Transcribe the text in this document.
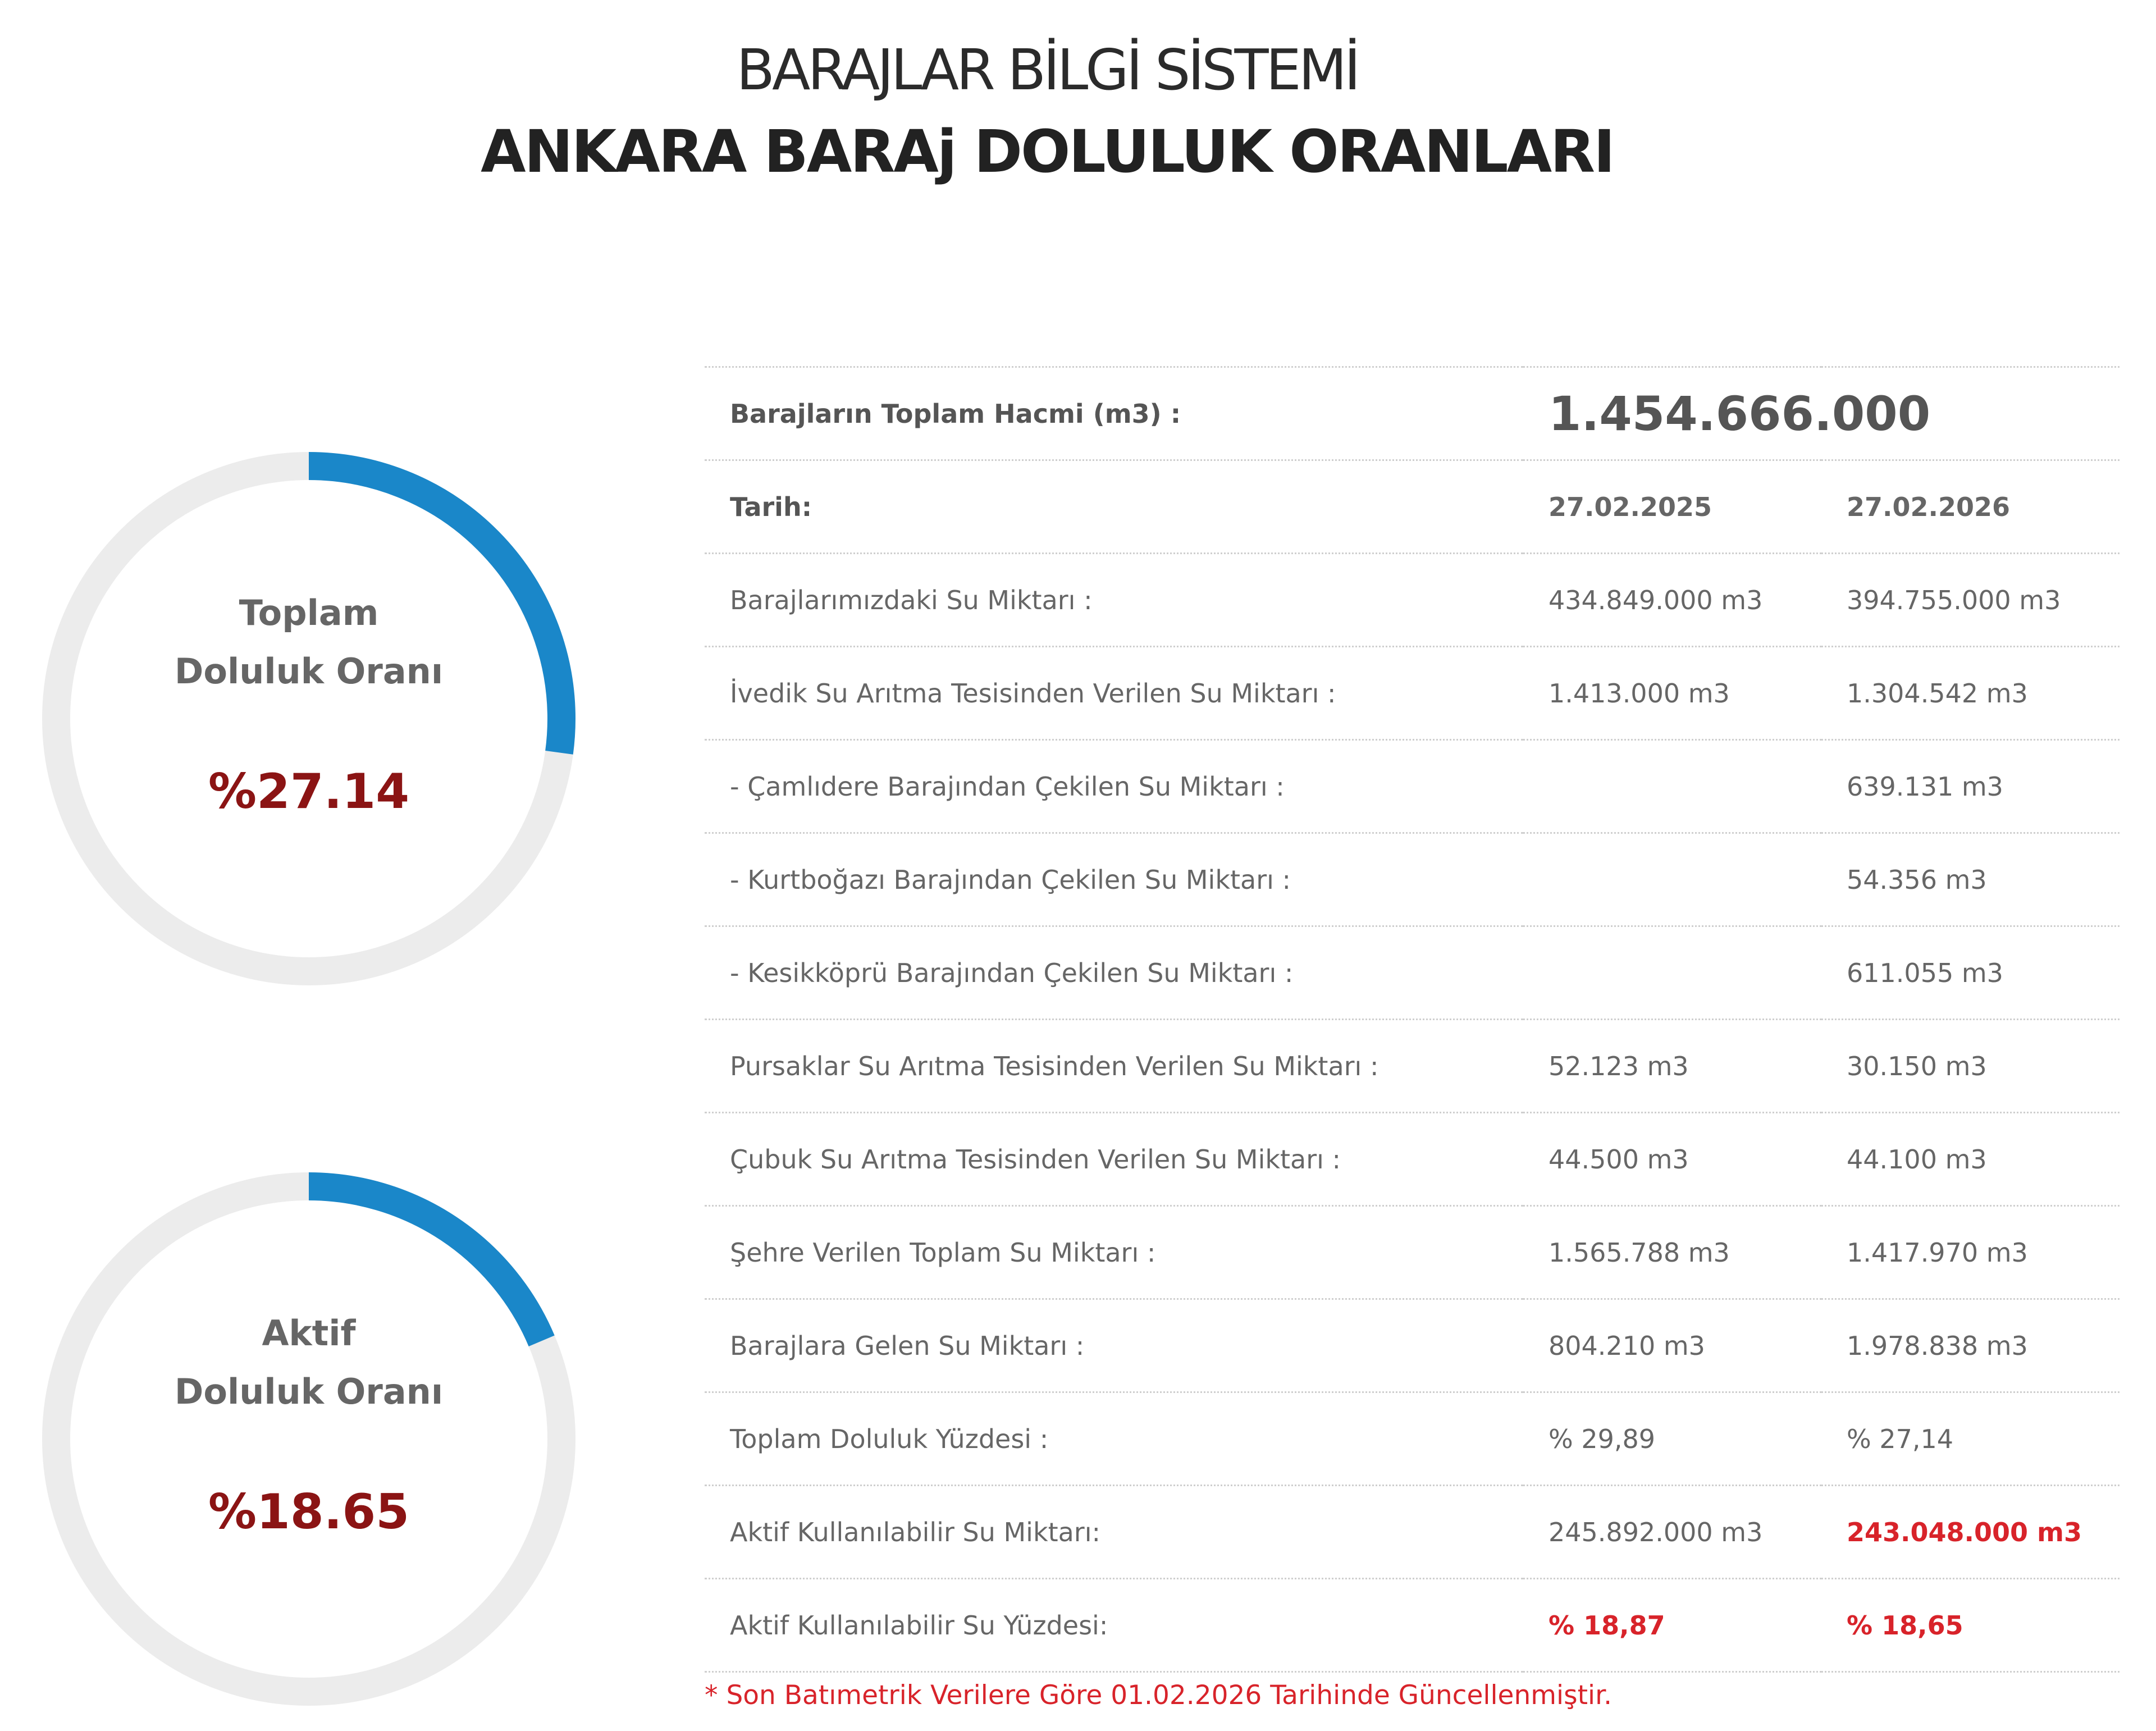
BARAJLAR BİLGİ SİSTEMİ
ANKARA BARAj DOLULUK ORANLARI
Toplam
Doluluk Oranı
%27.14
Aktif
Doluluk Oranı
%18.65
Barajların Toplam Hacmi (m3) :	1.454.666.000	
Tarih:	27.02.2025	27.02.2026
Barajlarımızdaki Su Miktarı :	434.849.000 m3	394.755.000 m3
İvedik Su Arıtma Tesisinden Verilen Su Miktarı :	1.413.000 m3	1.304.542 m3
- Çamlıdere Barajından Çekilen Su Miktarı :		639.131 m3
- Kurtboğazı Barajından Çekilen Su Miktarı :		54.356 m3
- Kesikköprü Barajından Çekilen Su Miktarı :		611.055 m3
Pursaklar Su Arıtma Tesisinden Verilen Su Miktarı :	52.123 m3	30.150 m3
Çubuk Su Arıtma Tesisinden Verilen Su Miktarı :	44.500 m3	44.100 m3
Şehre Verilen Toplam Su Miktarı :	1.565.788 m3	1.417.970 m3
Barajlara Gelen Su Miktarı :	804.210 m3	1.978.838 m3
Toplam Doluluk Yüzdesi :	% 29,89	% 27,14
Aktif Kullanılabilir Su Miktarı:	245.892.000 m3	243.048.000 m3
Aktif Kullanılabilir Su Yüzdesi:	% 18,87	% 18,65
* Son Batımetrik Verilere Göre 01.02.2026 Tarihinde Güncellenmiştir.
